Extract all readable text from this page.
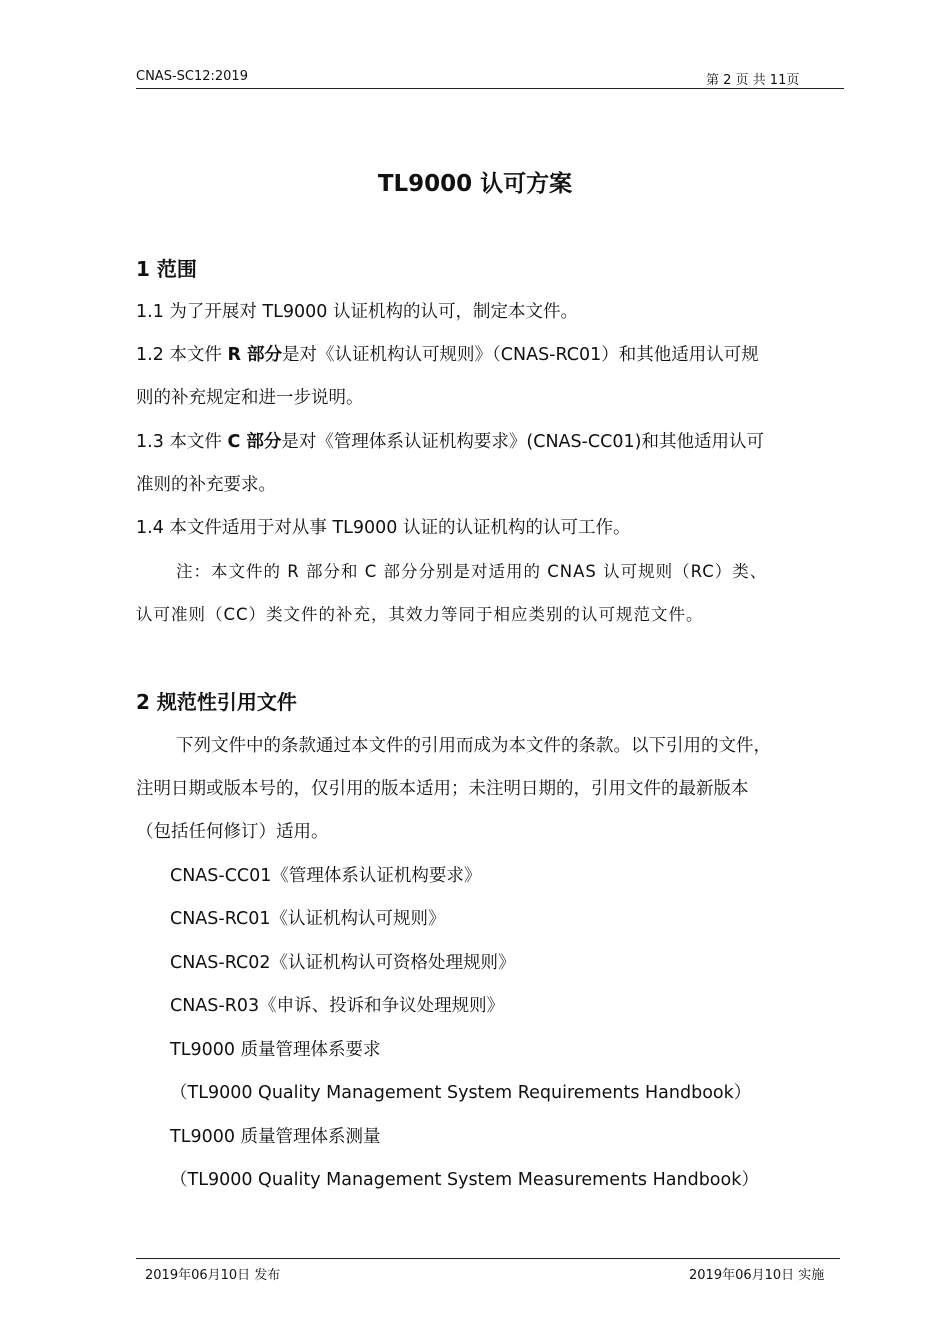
CNAS-SC12:2019	第 2 页 共 11页
TL9000 认可方案
1 范围
1.1 为了开展对 TL9000 认证机构的认可，制定本文件。
1.2 本文件 R 部分是对《认证机构认可规则》（CNAS-RC01）和其他适用认可规
则的补充规定和进一步说明。
1.3 本文件 C 部分是对《管理体系认证机构要求》(CNAS-CC01)和其他适用认可
准则的补充要求。
1.4 本文件适用于对从事 TL9000 认证的认证机构的认可工作。
注：本文件的 R 部分和 C 部分分别是对适用的 CNAS 认可规则（RC）类、
认可准则（CC）类文件的补充，其效力等同于相应类别的认可规范文件。
2 规范性引用文件
下列文件中的条款通过本文件的引用而成为本文件的条款。以下引用的文件，
注明日期或版本号的，仅引用的版本适用；未注明日期的，引用文件的最新版本
（包括任何修订）适用。
CNAS-CC01《管理体系认证机构要求》
CNAS-RC01《认证机构认可规则》
CNAS-RC02《认证机构认可资格处理规则》
CNAS-R03《申诉、投诉和争议处理规则》
TL9000 质量管理体系要求
（TL9000 Quality Management System Requirements Handbook）
TL9000 质量管理体系测量
（TL9000 Quality Management System Measurements Handbook）
2019年06月10日 发布	2019年06月10日 实施
